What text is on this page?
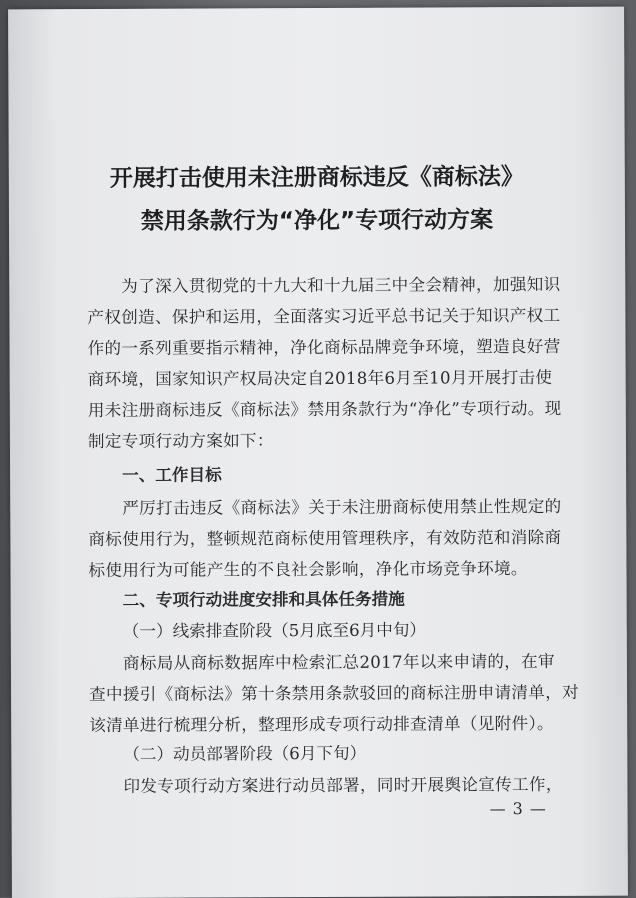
开展打击使用未注册商标违反《商标法》
禁用条款行为“净化”专项行动方案
为了深入贯彻党的十九大和十九届三中全会精神，加强知识
产权创造、保护和运用，全面落实习近平总书记关于知识产权工
作的一系列重要指示精神，净化商标品牌竞争环境，塑造良好营
商环境，国家知识产权局决定自2018年6月至10月开展打击使
用未注册商标违反《商标法》禁用条款行为“净化”专项行动。现
制定专项行动方案如下：
一、工作目标
严厉打击违反《商标法》关于未注册商标使用禁止性规定的
商标使用行为，整顿规范商标使用管理秩序，有效防范和消除商
标使用行为可能产生的不良社会影响，净化市场竞争环境。
二、专项行动进度安排和具体任务措施
（一）线索排查阶段（5月底至6月中旬）
商标局从商标数据库中检索汇总2017年以来申请的，在审
查中援引《商标法》第十条禁用条款驳回的商标注册申请清单，对
该清单进行梳理分析，整理形成专项行动排查清单（见附件）。
（二）动员部署阶段（6月下旬）
印发专项行动方案进行动员部署，同时开展舆论宣传工作，
— 3 —
